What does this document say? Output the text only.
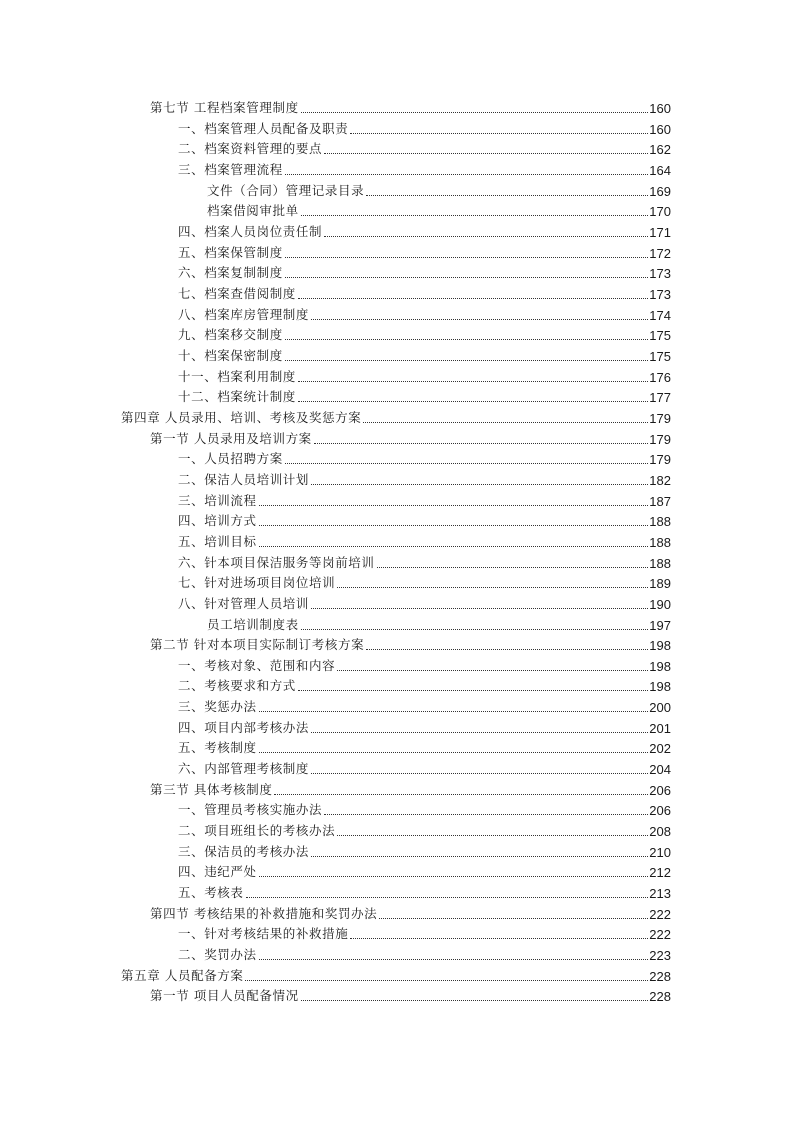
第七节 工程档案管理制度	160
一、档案管理人员配备及职责	160
二、档案资料管理的要点	162
三、档案管理流程	164
文件（合同）管理记录目录	169
档案借阅审批单	170
四、档案人员岗位责任制	171
五、档案保管制度	172
六、档案复制制度	173
七、档案查借阅制度	173
八、档案库房管理制度	174
九、档案移交制度	175
十、档案保密制度	175
十一、档案利用制度	176
十二、档案统计制度	177
第四章 人员录用、培训、考核及奖惩方案	179
第一节 人员录用及培训方案	179
一、人员招聘方案	179
二、保洁人员培训计划	182
三、培训流程	187
四、培训方式	188
五、培训目标	188
六、针本项目保洁服务等岗前培训	188
七、针对进场项目岗位培训	189
八、针对管理人员培训	190
员工培训制度表	197
第二节 针对本项目实际制订考核方案	198
一、考核对象、范围和内容	198
二、考核要求和方式	198
三、奖惩办法	200
四、项目内部考核办法	201
五、考核制度	202
六、内部管理考核制度	204
第三节 具体考核制度	206
一、管理员考核实施办法	206
二、项目班组长的考核办法	208
三、保洁员的考核办法	210
四、违纪严处	212
五、考核表	213
第四节 考核结果的补救措施和奖罚办法	222
一、针对考核结果的补救措施	222
二、奖罚办法	223
第五章 人员配备方案	228
第一节 项目人员配备情况	228
